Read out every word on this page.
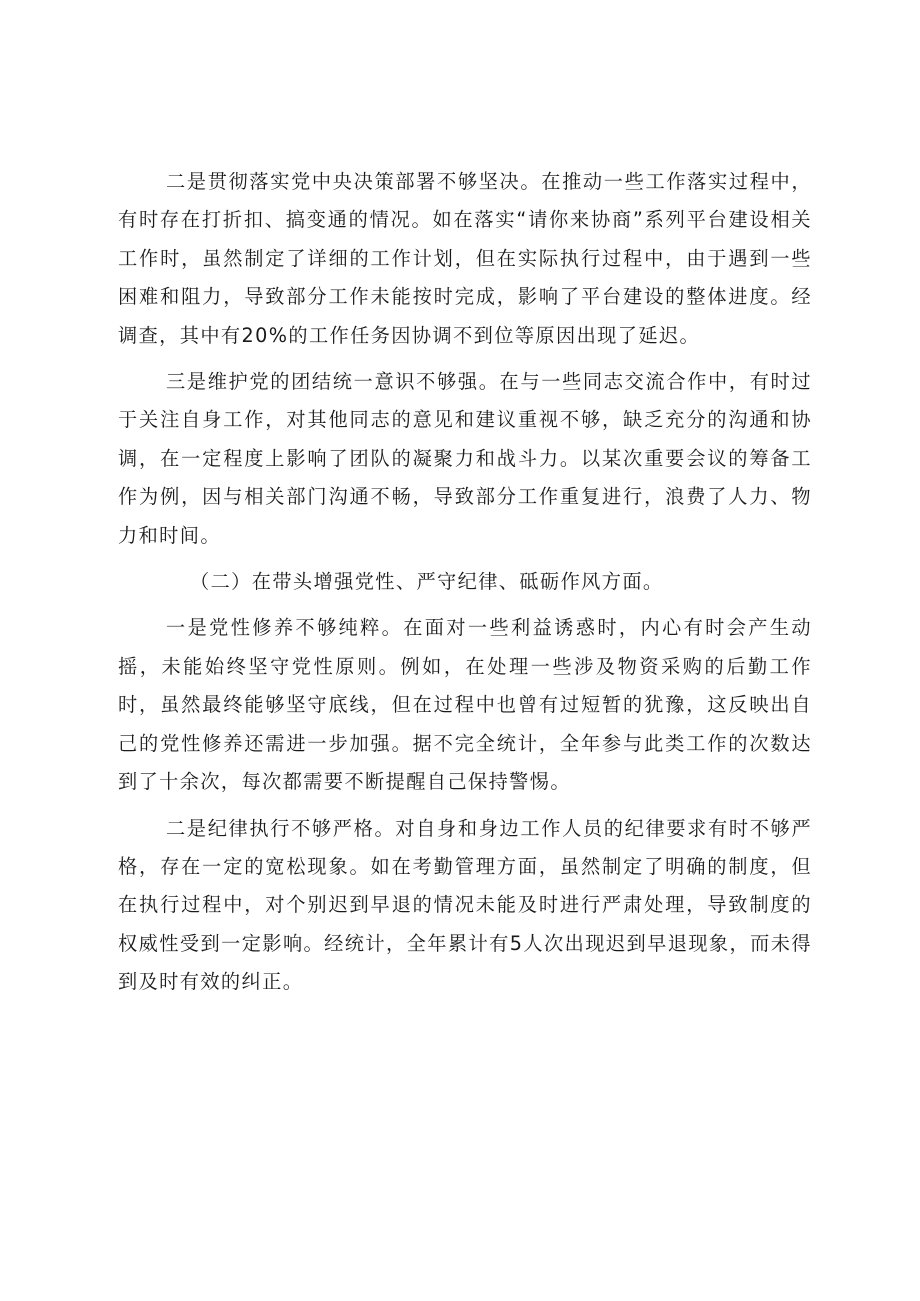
二是贯彻落实党中央决策部署不够坚决。在推动一些工作落实过程中，有时存在打折扣、搞变通的情况。如在落实“请你来协商”系列平台建设相关工作时，虽然制定了详细的工作计划，但在实际执行过程中，由于遇到一些困难和阻力，导致部分工作未能按时完成，影响了平台建设的整体进度。经调查，其中有20%的工作任务因协调不到位等原因出现了延迟。

三是维护党的团结统一意识不够强。在与一些同志交流合作中，有时过于关注自身工作，对其他同志的意见和建议重视不够，缺乏充分的沟通和协调，在一定程度上影响了团队的凝聚力和战斗力。以某次重要会议的筹备工作为例，因与相关部门沟通不畅，导致部分工作重复进行，浪费了人力、物力和时间。

（二）在带头增强党性、严守纪律、砥砺作风方面。

一是党性修养不够纯粹。在面对一些利益诱惑时，内心有时会产生动摇，未能始终坚守党性原则。例如，在处理一些涉及物资采购的后勤工作时，虽然最终能够坚守底线，但在过程中也曾有过短暂的犹豫，这反映出自己的党性修养还需进一步加强。据不完全统计，全年参与此类工作的次数达到了十余次，每次都需要不断提醒自己保持警惕。

二是纪律执行不够严格。对自身和身边工作人员的纪律要求有时不够严格，存在一定的宽松现象。如在考勤管理方面，虽然制定了明确的制度，但在执行过程中，对个别迟到早退的情况未能及时进行严肃处理，导致制度的权威性受到一定影响。经统计，全年累计有5人次出现迟到早退现象，而未得到及时有效的纠正。
